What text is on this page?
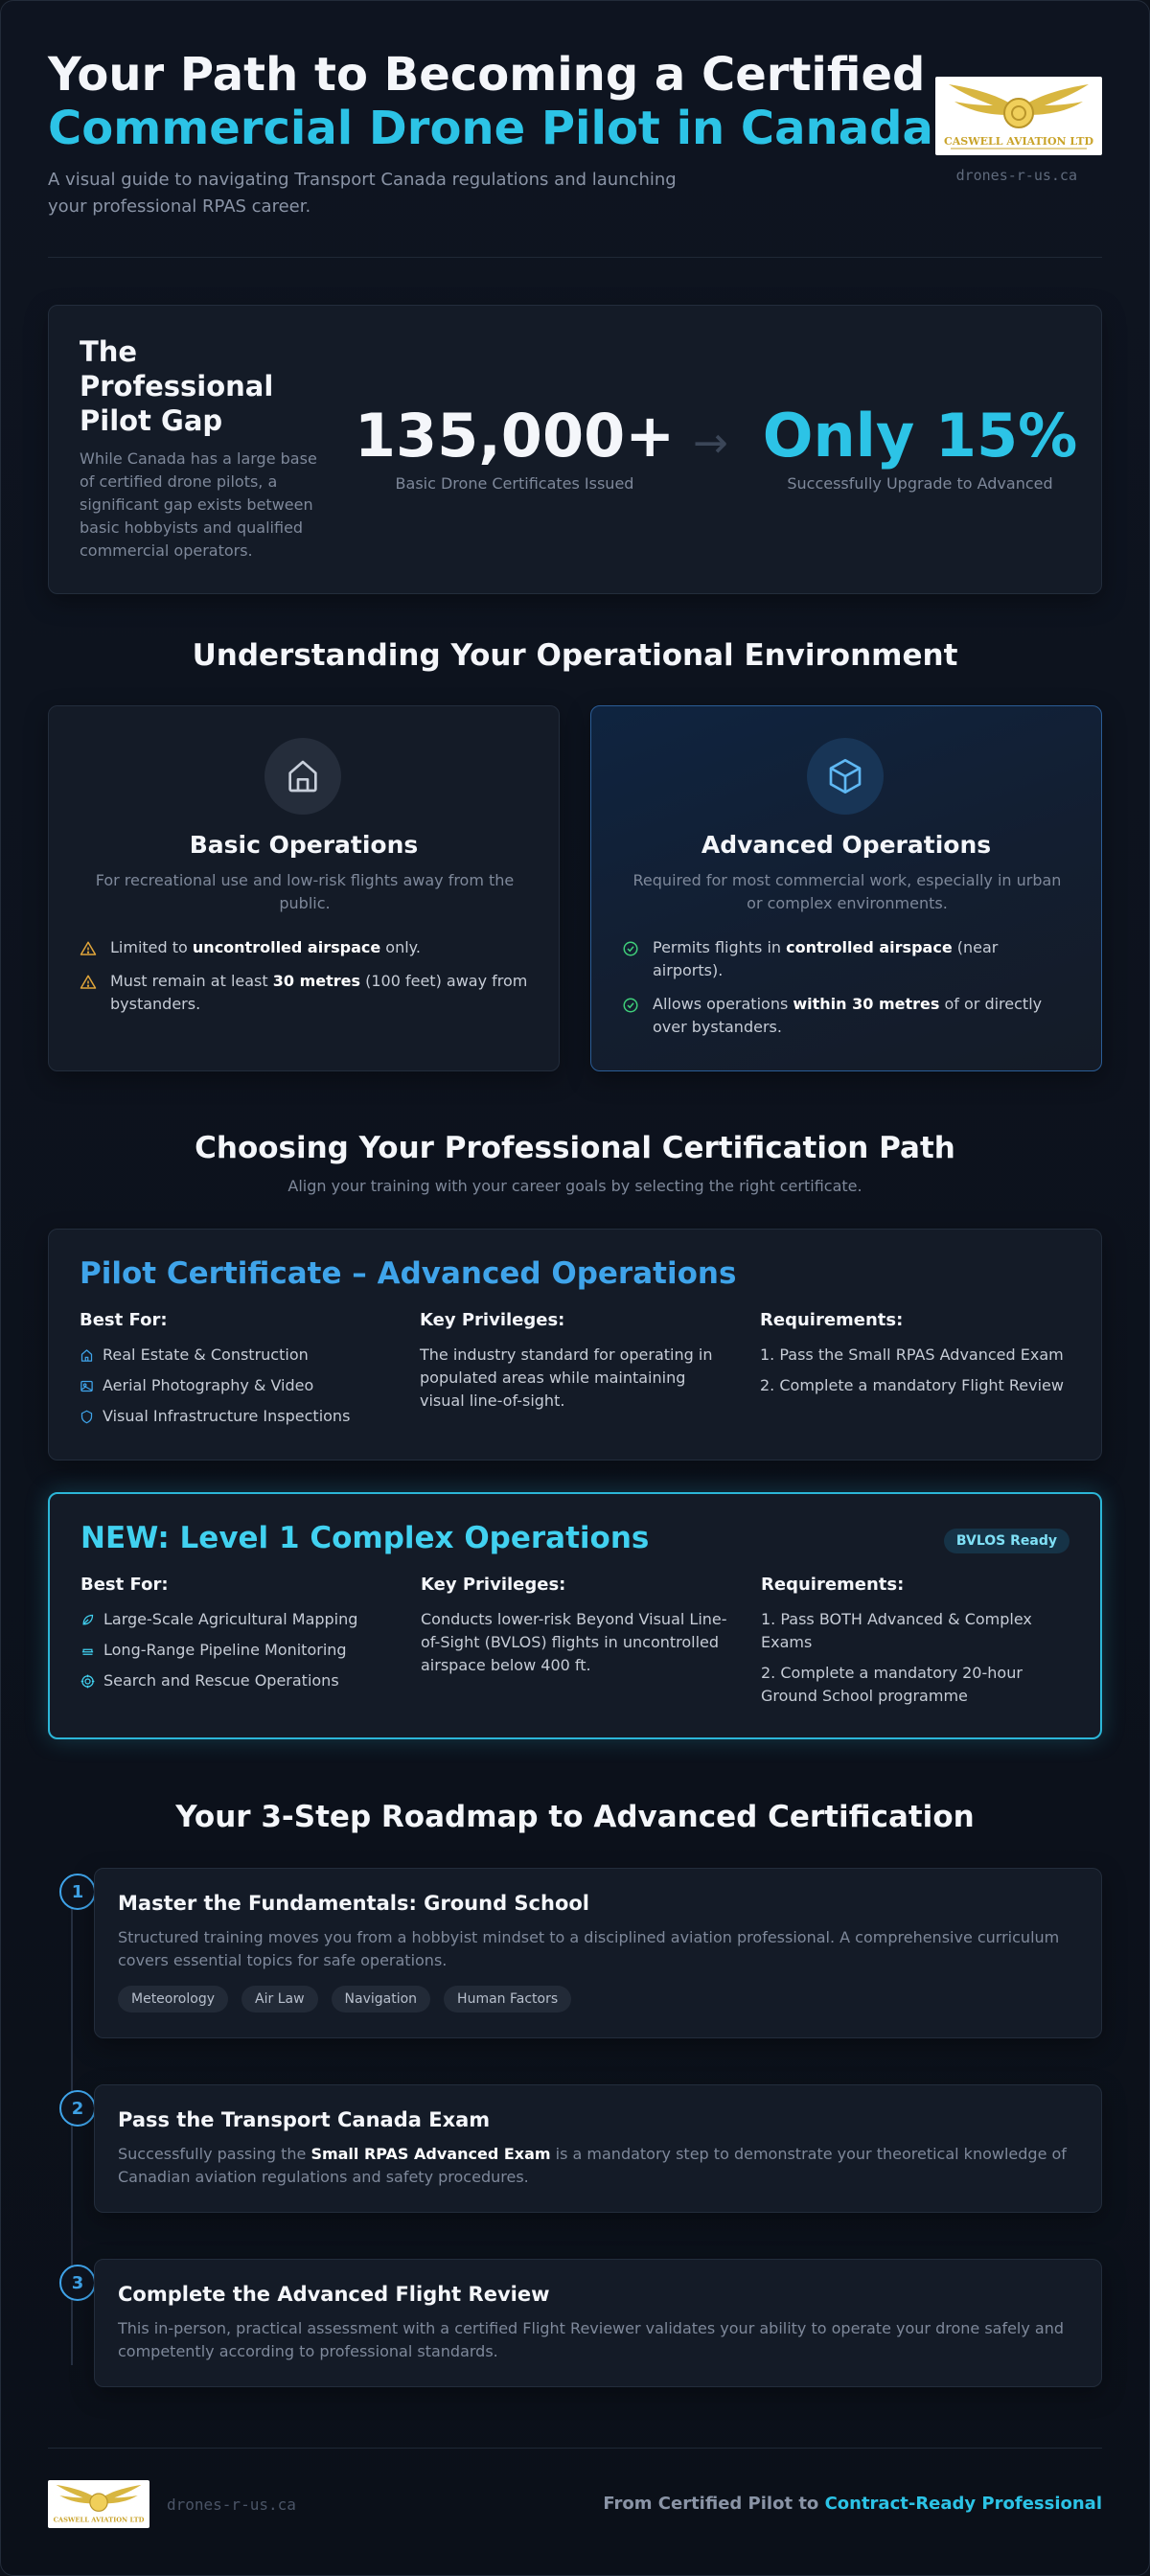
Your Path to Becoming a Certified
Commercial Drone Pilot in Canada
A visual guide to navigating Transport Canada regulations and launching your professional RPAS career.
CASWELL AVIATION LTD
drones-r-us.ca
The Professional Pilot Gap
While Canada has a large base of certified drone pilots, a significant gap exists between basic hobbyists and qualified commercial operators.
135,000+
Basic Drone Certificates Issued
→ Only 15%
Successfully Upgrade to Advanced
Understanding Your Operational Environment
Basic Operations
For recreational use and low-risk flights away from the public.
Limited to uncontrolled airspace only.
Must remain at least 30 metres (100 feet) away from bystanders.
Advanced Operations
Required for most commercial work, especially in urban or complex environments.
Permits flights in controlled airspace (near airports).
Allows operations within 30 metres of or directly over bystanders.
Choosing Your Professional Certification Path
Align your training with your career goals by selecting the right certificate.
Pilot Certificate – Advanced Operations
Best For:
Real Estate & Construction
Aerial Photography & Video
Visual Infrastructure Inspections
Key Privileges:

The industry standard for operating in populated areas while maintaining visual line-of-sight.

Requirements:
1. Pass the Small RPAS Advanced Exam
2. Complete a mandatory Flight Review
NEW: Level 1 Complex Operations	BVLOS Ready
Best For:
Large-Scale Agricultural Mapping
Long-Range Pipeline Monitoring
Search and Rescue Operations
Key Privileges:

Conducts lower-risk Beyond Visual Line-of-Sight (BVLOS) flights in uncontrolled airspace below 400 ft.

Requirements:
1. Pass BOTH Advanced & Complex Exams
2. Complete a mandatory 20-hour Ground School programme
Your 3-Step Roadmap to Advanced Certification
1	Master the Fundamentals: Ground School
Structured training moves you from a hobbyist mindset to a disciplined aviation professional. A comprehensive curriculum covers essential topics for safe operations.
Meteorology	Air Law	Navigation	Human Factors
2	Pass the Transport Canada Exam
Successfully passing the Small RPAS Advanced Exam is a mandatory step to demonstrate your theoretical knowledge of Canadian aviation regulations and safety procedures.
3	Complete the Advanced Flight Review
This in-person, practical assessment with a certified Flight Reviewer validates your ability to operate your drone safely and competently according to professional standards.
CASWELL AVIATION LTD
drones-r-us.ca	From Certified Pilot to Contract-Ready Professional
